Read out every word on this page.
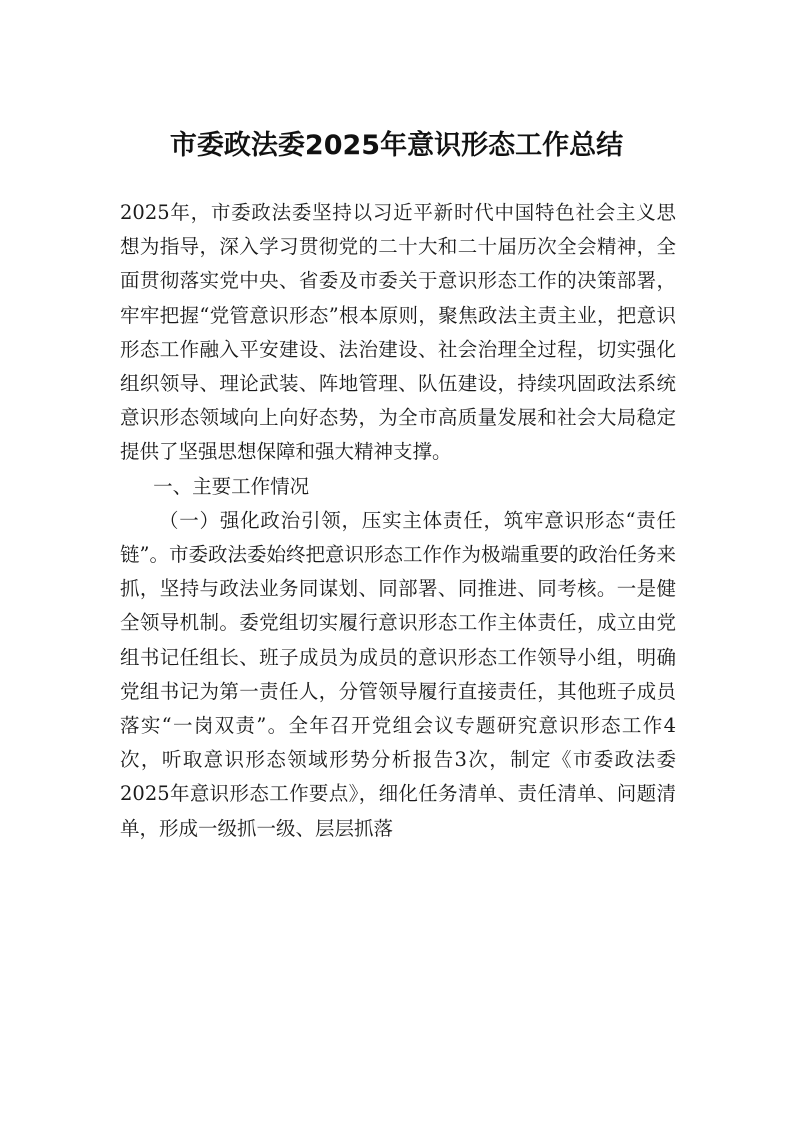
市委政法委2025年意识形态工作总结

2025年，市委政法委坚持以习近平新时代中国特色社会主义思想为指导，深入学习贯彻党的二十大和二十届历次全会精神，全面贯彻落实党中央、省委及市委关于意识形态工作的决策部署，牢牢把握“党管意识形态”根本原则，聚焦政法主责主业，把意识形态工作融入平安建设、法治建设、社会治理全过程，切实强化组织领导、理论武装、阵地管理、队伍建设，持续巩固政法系统意识形态领域向上向好态势，为全市高质量发展和社会大局稳定提供了坚强思想保障和强大精神支撑。

一、主要工作情况

（一）强化政治引领，压实主体责任，筑牢意识形态“责任链”。市委政法委始终把意识形态工作作为极端重要的政治任务来抓，坚持与政法业务同谋划、同部署、同推进、同考核。一是健全领导机制。委党组切实履行意识形态工作主体责任，成立由党组书记任组长、班子成员为成员的意识形态工作领导小组，明确党组书记为第一责任人，分管领导履行直接责任，其他班子成员落实“一岗双责”。全年召开党组会议专题研究意识形态工作4次，听取意识形态领域形势分析报告3次，制定《市委政法委2025年意识形态工作要点》，细化任务清单、责任清单、问题清单，形成一级抓一级、层层抓落
